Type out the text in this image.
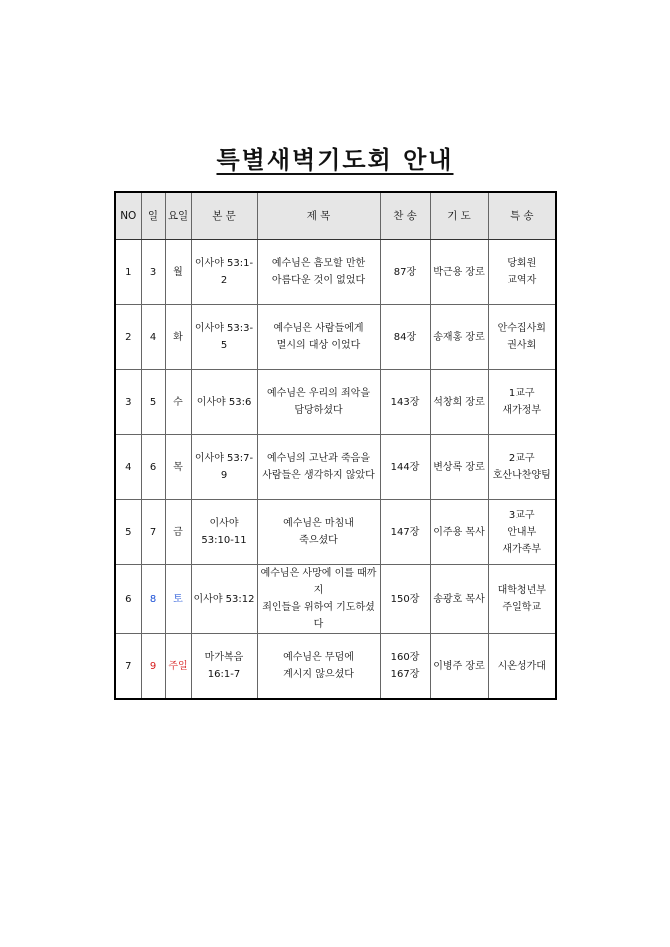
특별새벽기도회 안내
NO	일	요일	본 문	제 목	찬 송	기 도	특 송
1	3	월	이사야 53:1-2	예수님은 흠모할 만한
아름다운 것이 없었다	87장	박근용 장로	당회원
교역자

2	4	화	이사야 53:3-5	예수님은 사람들에게
멸시의 대상 이었다	84장	송재홍 장로	안수집사회
권사회

3	5	수	이사야 53:6	예수님은 우리의 죄악을
담당하셨다	143장	석창희 장로	1교구
새가정부

4	6	목	이사야 53:7-9	예수님의 고난과 죽음을
사람들은 생각하지 않았다	144장	변상록 장로	2교구
호산나찬양팀

5	7	금	이사야 53:10-11	예수님은 마침내
죽으셨다	147장	이주용 목사	3교구
안내부
새가족부

6	8	토	이사야 53:12	예수님은 사망에 이를 때까지
죄인들을 위하여 기도하셨다	150장	송광호 목사	대학청년부
주일학교

7	9	주일	마가복음 16:1-7	예수님은 무덤에
계시지 않으셨다	160장
167장	이병주 장로	시온성가대
